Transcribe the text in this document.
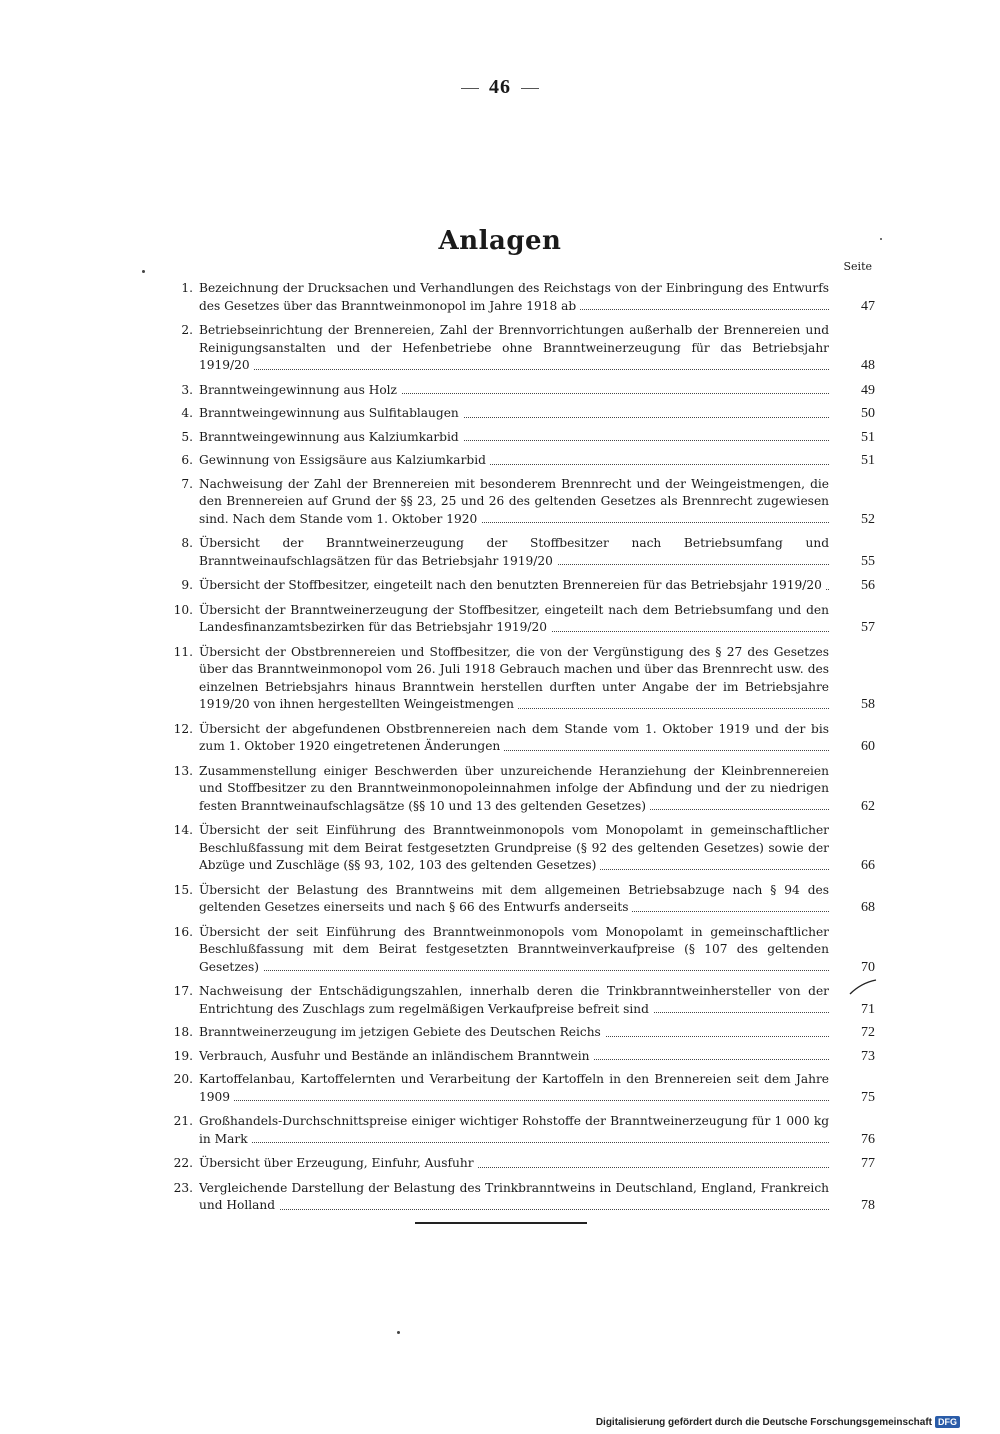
46
Anlagen
Seite
1. Bezeichnung der Drucksachen und Verhandlungen des Reichstags von der Einbringung des Entwurfs des Gesetzes über das Branntweinmonopol im Jahre 1918 ab	47
2. Betriebseinrichtung der Brennereien, Zahl der Brennvorrichtungen außerhalb der Brennereien und Reinigungsanstalten und der Hefenbetriebe ohne Branntweinerzeugung für das Betriebsjahr 1919/20	48
3. Branntweingewinnung aus Holz	49
4. Branntweingewinnung aus Sulfitablaugen	50
5. Branntweingewinnung aus Kalziumkarbid	51
6. Gewinnung von Essigsäure aus Kalziumkarbid	51
7. Nachweisung der Zahl der Brennereien mit besonderem Brennrecht und der Weingeistmengen, die den Brennereien auf Grund der §§ 23, 25 und 26 des geltenden Gesetzes als Brennrecht zugewiesen sind. Nach dem Stande vom 1. Oktober 1920	52
8. Übersicht der Branntweinerzeugung der Stoffbesitzer nach Betriebsumfang und Branntweinaufschlagsätzen für das Betriebsjahr 1919/20	55
9. Übersicht der Stoffbesitzer, eingeteilt nach den benutzten Brennereien für das Betriebsjahr 1919/20	56
10. Übersicht der Branntweinerzeugung der Stoffbesitzer, eingeteilt nach dem Betriebsumfang und den Landesfinanzamtsbezirken für das Betriebsjahr 1919/20	57
11. Übersicht der Obstbrennereien und Stoffbesitzer, die von der Vergünstigung des § 27 des Gesetzes über das Branntweinmonopol vom 26. Juli 1918 Gebrauch machen und über das Brennrecht usw. des einzelnen Betriebsjahrs hinaus Branntwein herstellen durften unter Angabe der im Betriebsjahre 1919/20 von ihnen hergestellten Weingeistmengen	58
12. Übersicht der abgefundenen Obstbrennereien nach dem Stande vom 1. Oktober 1919 und der bis zum 1. Oktober 1920 eingetretenen Änderungen	60
13. Zusammenstellung einiger Beschwerden über unzureichende Heranziehung der Kleinbrennereien und Stoffbesitzer zu den Branntweinmonopoleinnahmen infolge der Abfindung und der zu niedrigen festen Branntweinaufschlagsätze (§§ 10 und 13 des geltenden Gesetzes)	62
14. Übersicht der seit Einführung des Branntweinmonopols vom Monopolamt in gemeinschaftlicher Beschlußfassung mit dem Beirat festgesetzten Grundpreise (§ 92 des geltenden Gesetzes) sowie der Abzüge und Zuschläge (§§ 93, 102, 103 des geltenden Gesetzes)	66
15. Übersicht der Belastung des Branntweins mit dem allgemeinen Betriebsabzuge nach § 94 des geltenden Gesetzes einerseits und nach § 66 des Entwurfs anderseits	68
16. Übersicht der seit Einführung des Branntweinmonopols vom Monopolamt in gemeinschaftlicher Beschlußfassung mit dem Beirat festgesetzten Branntweinverkaufpreise (§ 107 des geltenden Gesetzes)	70
17. Nachweisung der Entschädigungszahlen, innerhalb deren die Trinkbranntweinhersteller von der Entrichtung des Zuschlags zum regelmäßigen Verkaufpreise befreit sind	71
18. Branntweinerzeugung im jetzigen Gebiete des Deutschen Reichs	72
19. Verbrauch, Ausfuhr und Bestände an inländischem Branntwein	73
20. Kartoffelanbau, Kartoffelernten und Verarbeitung der Kartoffeln in den Brennereien seit dem Jahre 1909	75
21. Großhandels-Durchschnittspreise einiger wichtiger Rohstoffe der Branntweinerzeugung für 1 000 kg in Mark	76
22. Übersicht über Erzeugung, Einfuhr, Ausfuhr	77
23. Vergleichende Darstellung der Belastung des Trinkbranntweins in Deutschland, England, Frankreich und Holland	78
Digitalisierung gefördert durch die Deutsche Forschungsgemeinschaft DFG
